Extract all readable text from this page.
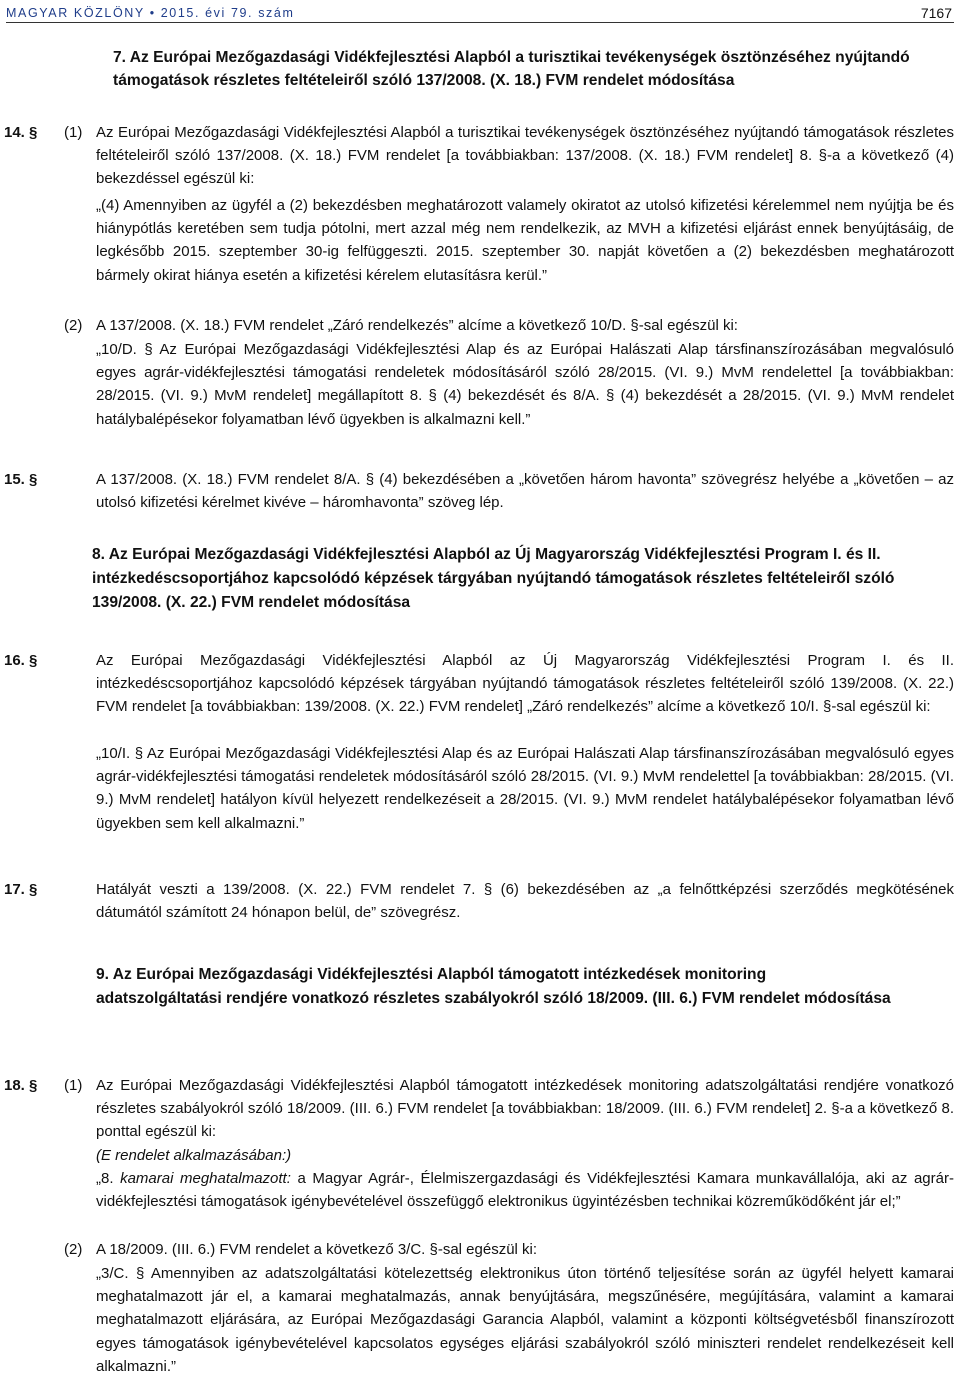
MAGYAR KÖZLÖNY • 2015. évi 79. szám	7167
7. Az Európai Mezőgazdasági Vidékfejlesztési Alapból a turisztikai tevékenységek ösztönzéséhez nyújtandó támogatások részletes feltételeiről szóló 137/2008. (X. 18.) FVM rendelet módosítása
14. § (1) Az Európai Mezőgazdasági Vidékfejlesztési Alapból a turisztikai tevékenységek ösztönzéséhez nyújtandó támogatások részletes feltételeiről szóló 137/2008. (X. 18.) FVM rendelet [a továbbiakban: 137/2008. (X. 18.) FVM rendelet] 8. §-a a következő (4) bekezdéssel egészül ki:
„(4) Amennyiben az ügyfél a (2) bekezdésben meghatározott valamely okiratot az utolsó kifizetési kérelemmel nem nyújtja be és hiánypótlás keretében sem tudja pótolni, mert azzal még nem rendelkezik, az MVH a kifizetési eljárást ennek benyújtásáig, de legkésőbb 2015. szeptember 30-ig felfüggeszti. 2015. szeptember 30. napját követően a (2) bekezdésben meghatározott bármely okirat hiánya esetén a kifizetési kérelem elutasításra kerül.”
(2) A 137/2008. (X. 18.) FVM rendelet „Záró rendelkezés” alcíme a következő 10/D. §-sal egészül ki:
„10/D. § Az Európai Mezőgazdasági Vidékfejlesztési Alap és az Európai Halászati Alap társfinanszírozásában megvalósuló egyes agrár-vidékfejlesztési támogatási rendeletek módosításáról szóló 28/2015. (VI. 9.) MvM rendelettel [a továbbiakban: 28/2015. (VI. 9.) MvM rendelet] megállapított 8. § (4) bekezdését és 8/A. § (4) bekezdését a 28/2015. (VI. 9.) MvM rendelet hatálybalépésekor folyamatban lévő ügyekben is alkalmazni kell.”
15. §	A 137/2008. (X. 18.) FVM rendelet 8/A. § (4) bekezdésében a „követően három havonta” szövegrész helyébe a „követően – az utolsó kifizetési kérelmet kivéve – háromhavonta” szöveg lép.
8. Az Európai Mezőgazdasági Vidékfejlesztési Alapból az Új Magyarország Vidékfejlesztési Program I. és II. intézkedéscsoportjához kapcsolódó képzések tárgyában nyújtandó támogatások részletes feltételeiről szóló 139/2008. (X. 22.) FVM rendelet módosítása
16. §	Az Európai Mezőgazdasági Vidékfejlesztési Alapból az Új Magyarország Vidékfejlesztési Program I. és II. intézkedéscsoportjához kapcsolódó képzések tárgyában nyújtandó támogatások részletes feltételeiről szóló 139/2008. (X. 22.) FVM rendelet [a továbbiakban: 139/2008. (X. 22.) FVM rendelet] „Záró rendelkezés” alcíme a következő 10/I. §-sal egészül ki:
„10/I. § Az Európai Mezőgazdasági Vidékfejlesztési Alap és az Európai Halászati Alap társfinanszírozásában megvalósuló egyes agrár-vidékfejlesztési támogatási rendeletek módosításáról szóló 28/2015. (VI. 9.) MvM rendelettel [a továbbiakban: 28/2015. (VI. 9.) MvM rendelet] hatályon kívül helyezett rendelkezéseit a 28/2015. (VI. 9.) MvM rendelet hatálybalépésekor folyamatban lévő ügyekben sem kell alkalmazni.”
17. §	Hatályát veszti a 139/2008. (X. 22.) FVM rendelet 7. § (6) bekezdésében az „a felnőttképzési szerződés megkötésének dátumától számított 24 hónapon belül, de” szövegrész.
9. Az Európai Mezőgazdasági Vidékfejlesztési Alapból támogatott intézkedések monitoring adatszolgáltatási rendjére vonatkozó részletes szabályokról szóló 18/2009. (III. 6.) FVM rendelet módosítása
18. § (1) Az Európai Mezőgazdasági Vidékfejlesztési Alapból támogatott intézkedések monitoring adatszolgáltatási rendjére vonatkozó részletes szabályokról szóló 18/2009. (III. 6.) FVM rendelet [a továbbiakban: 18/2009. (III. 6.) FVM rendelet] 2. §-a a következő 8. ponttal egészül ki:
(E rendelet alkalmazásában:)
„8. kamarai meghatalmazott: a Magyar Agrár-, Élelmiszergazdasági és Vidékfejlesztési Kamara munkavállalója, aki az agrár-vidékfejlesztési támogatások igénybevételével összefüggő elektronikus ügyintézésben technikai közreműködőként jár el;”
(2) A 18/2009. (III. 6.) FVM rendelet a következő 3/C. §-sal egészül ki:
„3/C. § Amennyiben az adatszolgáltatási kötelezettség elektronikus úton történő teljesítése során az ügyfél helyett kamarai meghatalmazott jár el, a kamarai meghatalmazás, annak benyújtására, megszűnésére, megújítására, valamint a kamarai meghatalmazott eljárására, az Európai Mezőgazdasági Garancia Alapból, valamint a központi költségvetésből finanszírozott egyes támogatások igénybevételével kapcsolatos egységes eljárási szabályokról szóló miniszteri rendelet rendelkezéseit kell alkalmazni.”
